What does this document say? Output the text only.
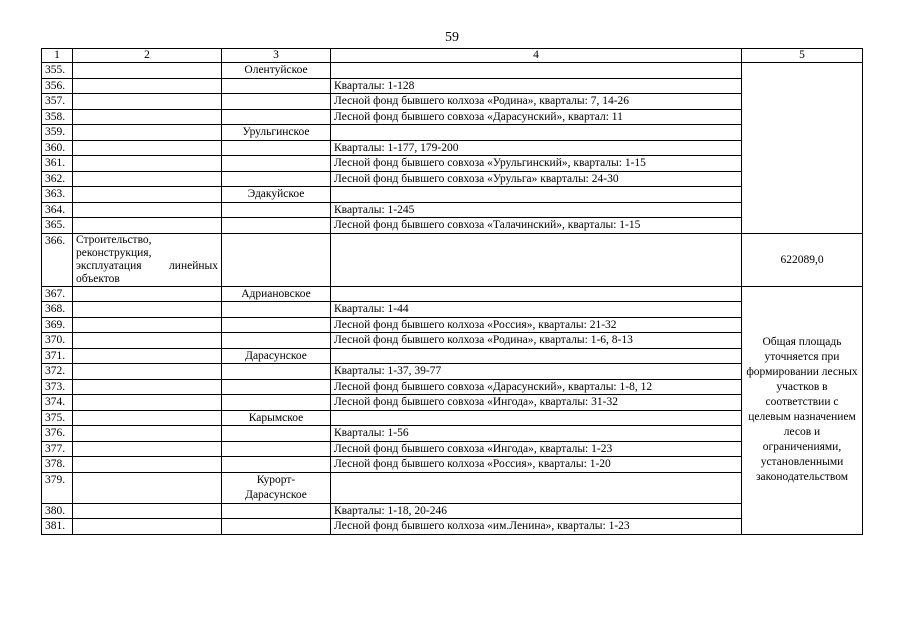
59
1	2	3	4	5
355.		Олентуйское		
356.			Кварталы: 1-128	
357.			Лесной фонд бывшего колхоза «Родина», кварталы: 7, 14-26	
358.			Лесной фонд бывшего совхоза «Дарасунский», квартал: 11	
359.		Урульгинское		
360.			Кварталы: 1-177, 179-200	
361.			Лесной фонд бывшего совхоза «Урульгинский», кварталы: 1-15	
362.			Лесной фонд бывшего совхоза «Урульга» кварталы: 24-30	
363.		Эдакуйское		
364.			Кварталы: 1-245	
365.			Лесной фонд бывшего совхоза «Талачинский», кварталы: 1-15	
366.	Строительство, реконструкция, эксплуатация линейных объектов			622089,0
367.		Адриановское		Общая площадь уточняется при формировании лесных участков в соответствии с целевым назначением лесов и ограничениями, установленными законодательством
368.			Кварталы: 1-44	
369.			Лесной фонд бывшего колхоза «Россия», кварталы: 21-32	
370.			Лесной фонд бывшего колхоза «Родина», кварталы: 1-6, 8-13	
371.		Дарасунское		
372.			Кварталы: 1-37, 39-77	
373.			Лесной фонд бывшего совхоза «Дарасунский», кварталы: 1-8, 12	
374.			Лесной фонд бывшего совхоза «Ингода», кварталы: 31-32	
375.		Карымское		
376.			Кварталы: 1-56	
377.			Лесной фонд бывшего совхоза «Ингода», кварталы: 1-23	
378.			Лесной фонд бывшего колхоза «Россия», кварталы: 1-20	
379.		Курорт-
Дарасунское		
380.			Кварталы: 1-18, 20-246	
381.			Лесной фонд бывшего колхоза «им.Ленина», кварталы: 1-23	
